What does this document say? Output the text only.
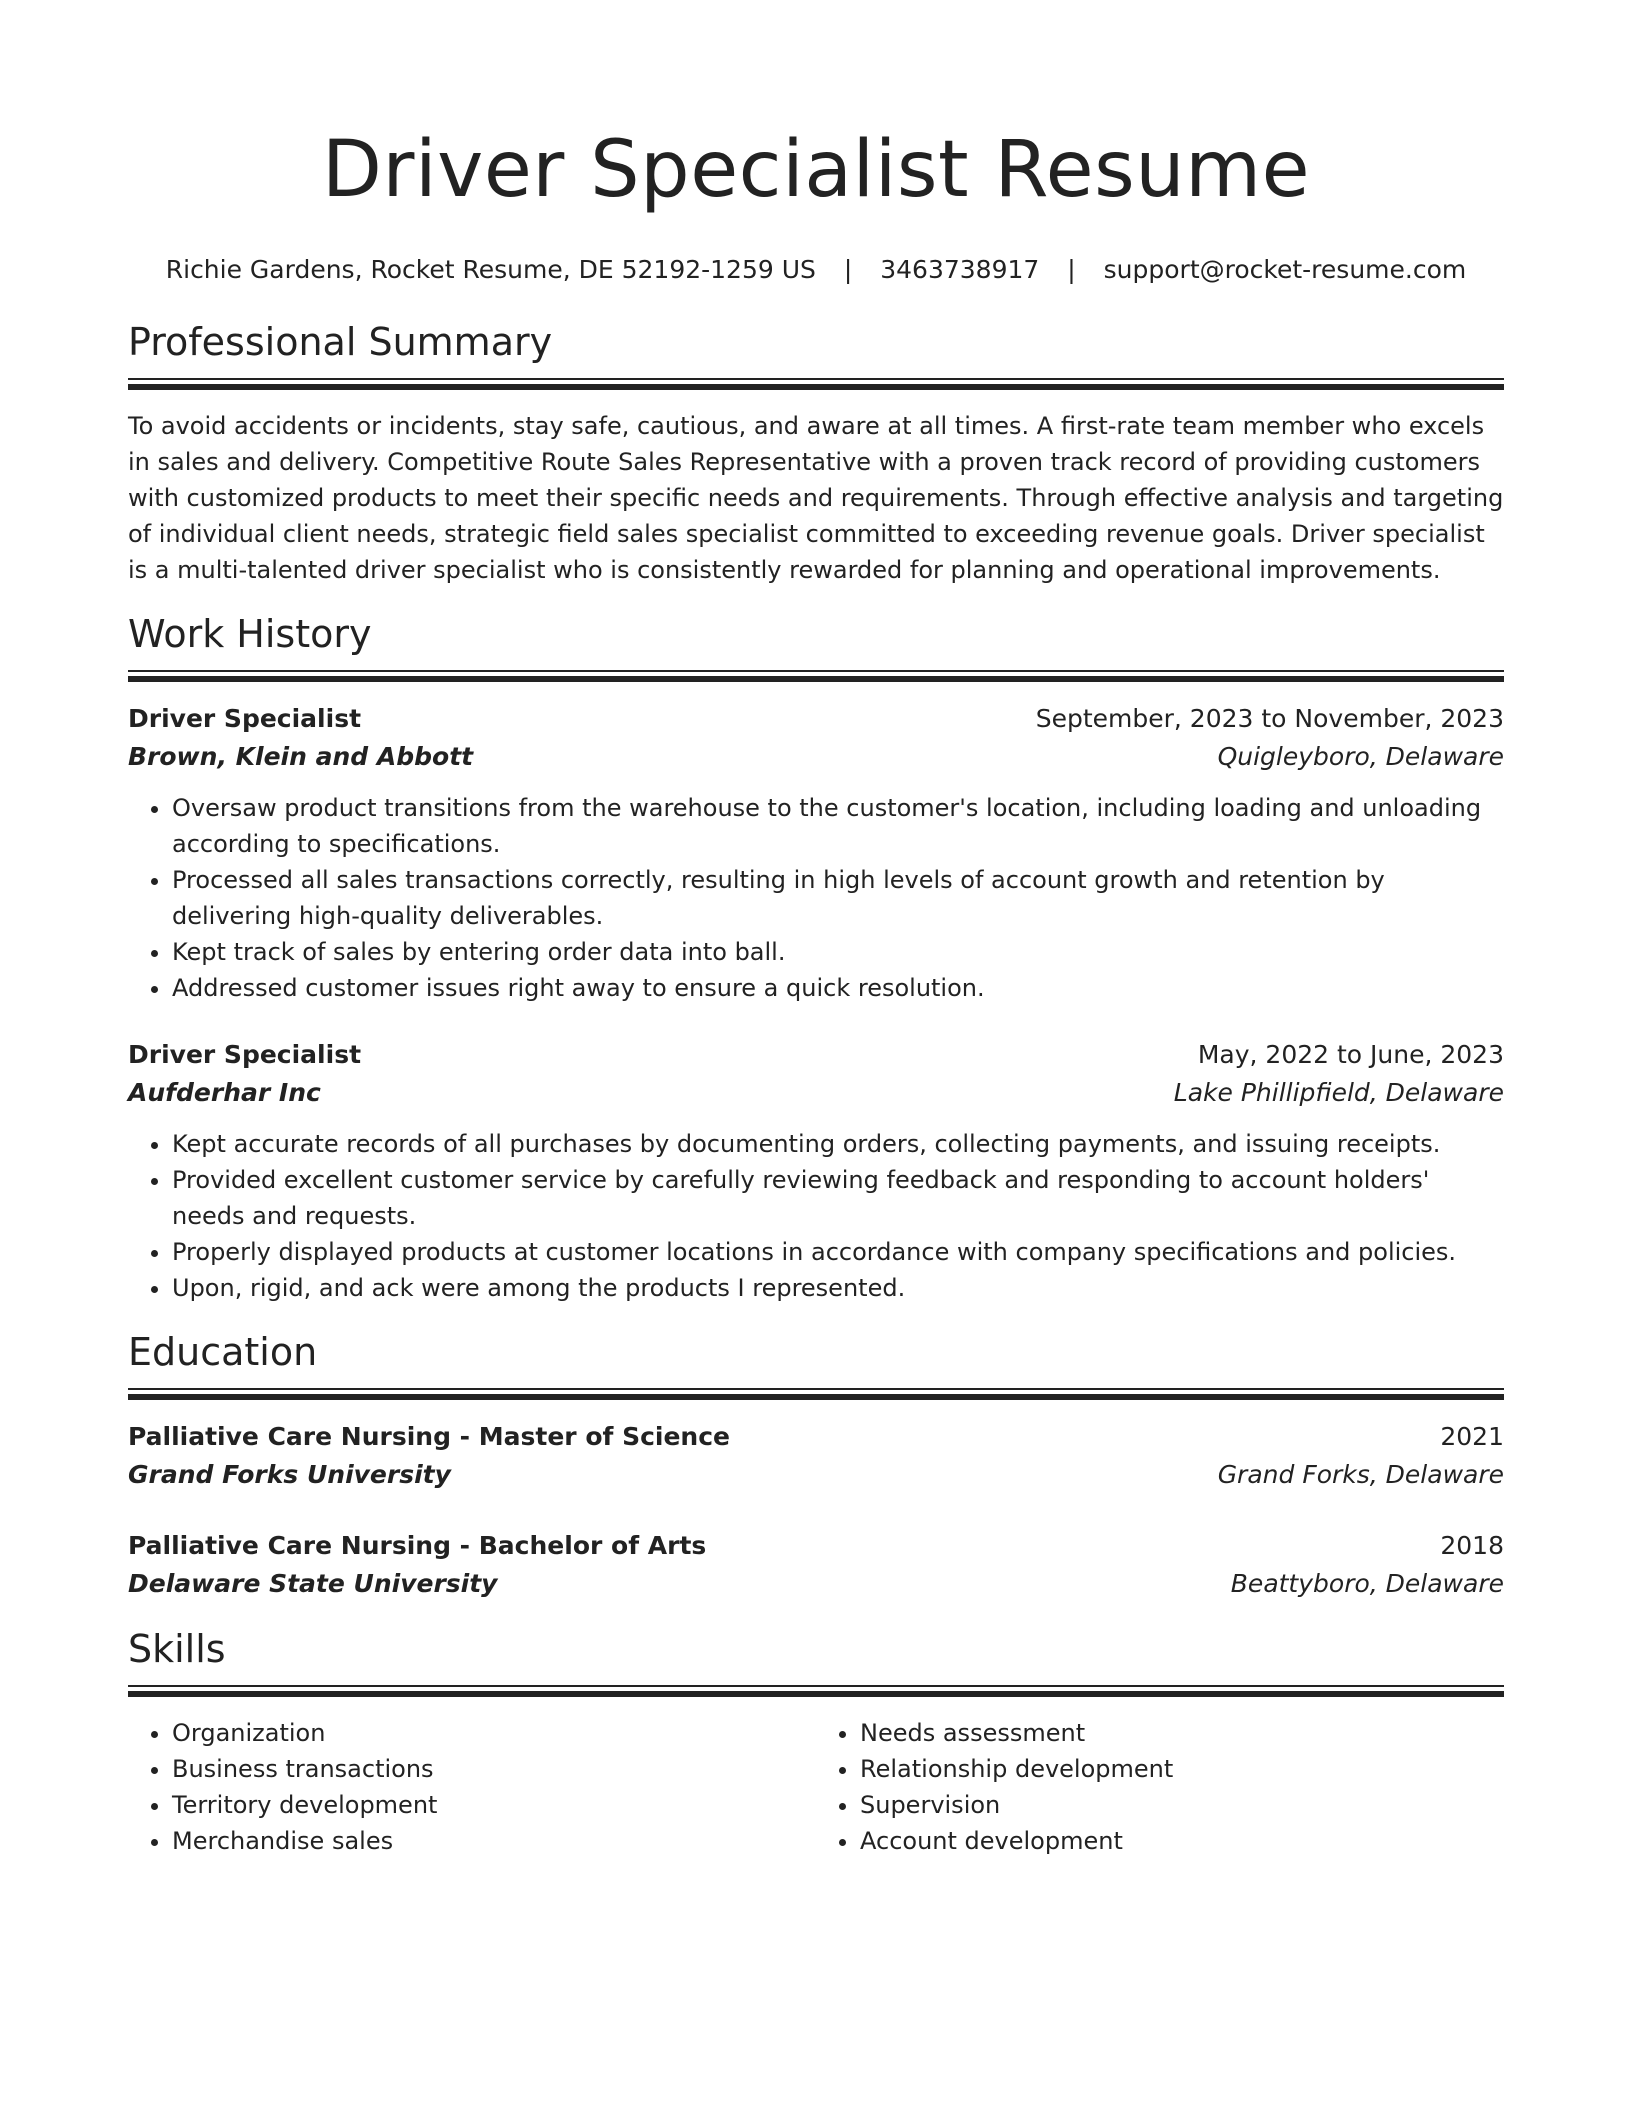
Driver Specialist Resume
Richie Gardens, Rocket Resume, DE 52192-1259 US | 3463738917 | support@rocket-resume.com
Professional Summary

To avoid accidents or incidents, stay safe, cautious, and aware at all times. A first-rate team member who excels in sales and delivery. Competitive Route Sales Representative with a proven track record of providing customers with customized products to meet their specific needs and requirements. Through effective analysis and targeting of individual client needs, strategic field sales specialist committed to exceeding revenue goals. Driver specialist is a multi-talented driver specialist who is consistently rewarded for planning and operational improvements.

Work History
Driver Specialist	September, 2023 to November, 2023
Brown, Klein and Abbott	Quigleyboro, Delaware
• Oversaw product transitions from the warehouse to the customer's location, including loading and unloading according to specifications.
• Processed all sales transactions correctly, resulting in high levels of account growth and retention by delivering high-quality deliverables.
• Kept track of sales by entering order data into ball.
• Addressed customer issues right away to ensure a quick resolution.
Driver Specialist	May, 2022 to June, 2023
Aufderhar Inc	Lake Phillipfield, Delaware
• Kept accurate records of all purchases by documenting orders, collecting payments, and issuing receipts.
• Provided excellent customer service by carefully reviewing feedback and responding to account holders' needs and requests.
• Properly displayed products at customer locations in accordance with company specifications and policies.
• Upon, rigid, and ack were among the products I represented.
Education
Palliative Care Nursing - Master of Science	2021
Grand Forks University	Grand Forks, Delaware
Palliative Care Nursing - Bachelor of Arts	2018
Delaware State University	Beattyboro, Delaware
Skills
• Organization
• Business transactions
• Territory development
• Merchandise sales
• Needs assessment
• Relationship development
• Supervision
• Account development
